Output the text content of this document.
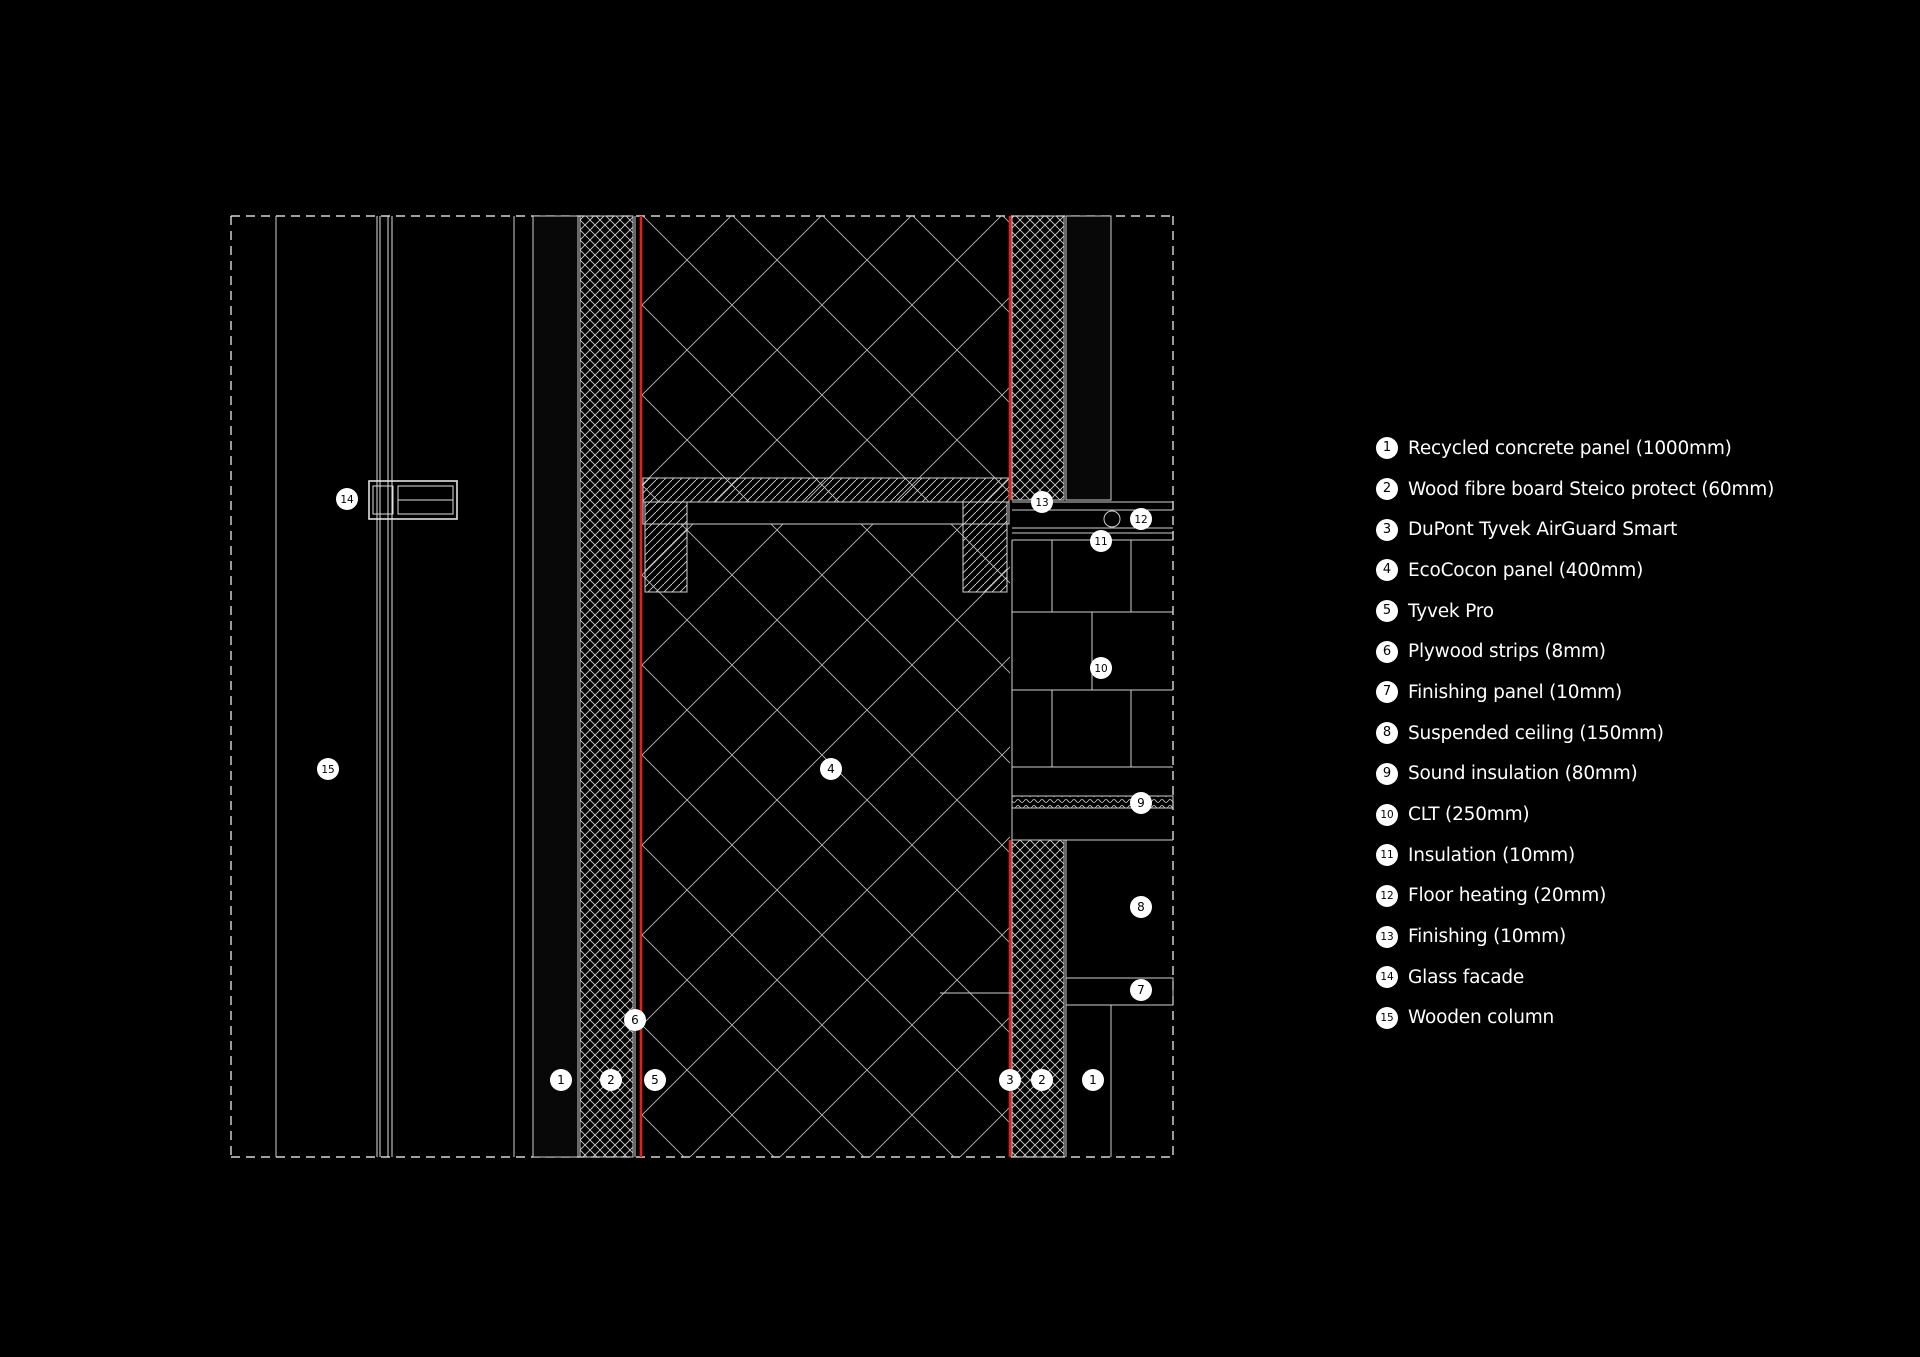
1	2	5
6
4
3 2	1
7
8
9
10
11
12
13
14
15
1 Recycled concrete panel (1000mm)
2 Wood fibre board Steico protect (60mm)
3 DuPont Tyvek AirGuard Smart
4 EcoCocon panel (400mm)
5 Tyvek Pro
6 Plywood strips (8mm)
7 Finishing panel (10mm)
8 Suspended ceiling (150mm)
9 Sound insulation (80mm)
10 CLT (250mm)
11 Insulation (10mm)
12 Floor heating (20mm)
13 Finishing (10mm)
14 Glass facade
15 Wooden column
